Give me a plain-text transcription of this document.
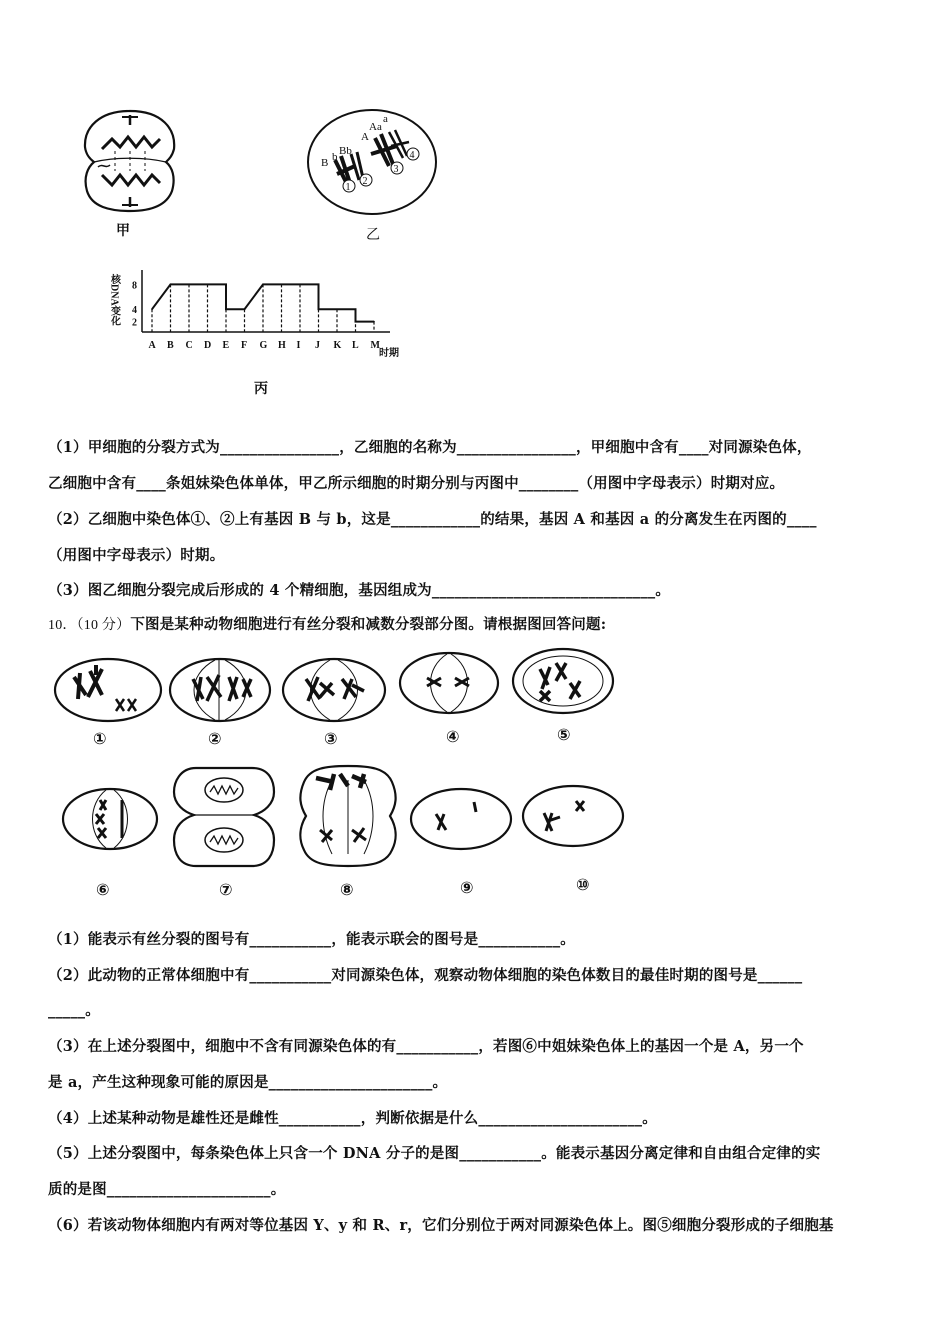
甲
B b Bb
A
Aa
a
1
2
3
4
乙
核DNA变化 2
4
8
A B C D E F G H I J K L M
时期
丙
（1）甲细胞的分裂方式为________________，乙细胞的名称为________________，甲细胞中含有____对同源染色体，
乙细胞中含有____条姐妹染色体单体，甲乙所示细胞的时期分别与丙图中________（用图中字母表示）时期对应。
（2）乙细胞中染色体①、②上有基因 B 与 b，这是____________的结果，基因 A 和基因 a 的分离发生在丙图的____
（用图中字母表示）时期。
（3）图乙细胞分裂完成后形成的 4 个精细胞，基因组成为______________________________。
10．（10 分）下图是某种动物细胞进行有丝分裂和减数分裂部分图。请根据图回答问题:
①	②	③	④	⑤
⑥	⑦	⑧	⑨	⑩
（1）能表示有丝分裂的图号有___________，能表示联会的图号是___________。
（2）此动物的正常体细胞中有___________对同源染色体，观察动物体细胞的染色体数目的最佳时期的图号是______
_____。
（3）在上述分裂图中，细胞中不含有同源染色体的有___________，若图⑥中姐妹染色体上的基因一个是 A，另一个
是 a，产生这种现象可能的原因是______________________。
（4）上述某种动物是雄性还是雌性___________，判断依据是什么______________________。
（5）上述分裂图中，每条染色体上只含一个 DNA 分子的是图___________。能表示基因分离定律和自由组合定律的实
质的是图______________________。
（6）若该动物体细胞内有两对等位基因 Y、y 和 R、r，它们分别位于两对同源染色体上。图⑤细胞分裂形成的子细胞基
